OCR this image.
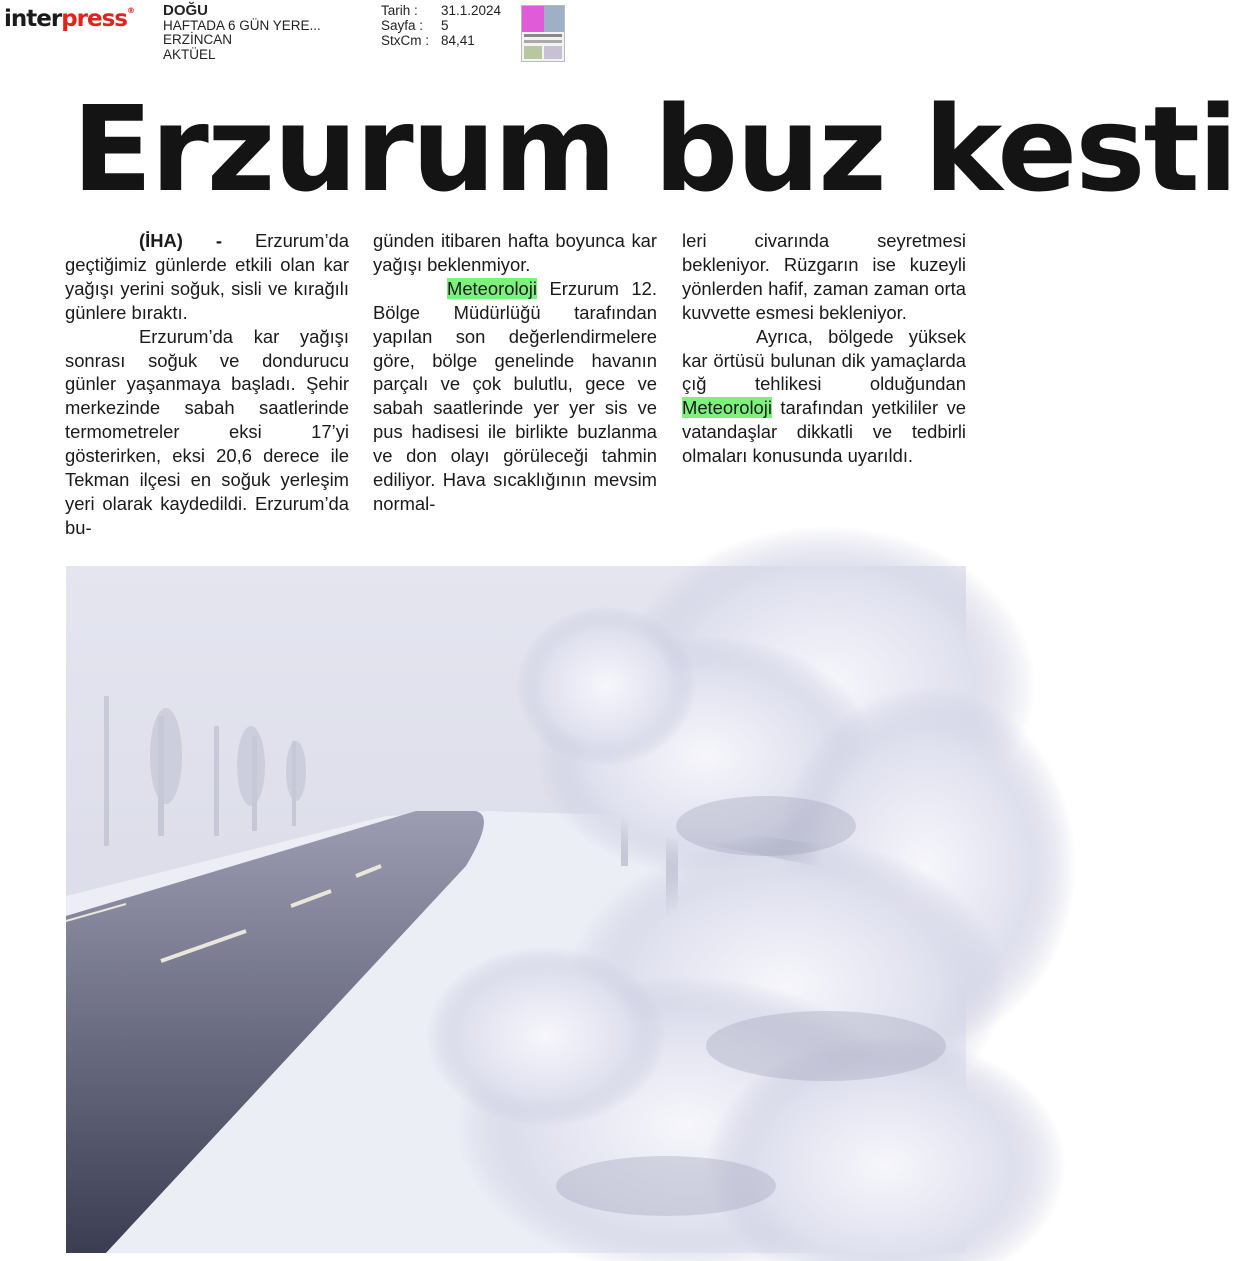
interpress® DOĞU
HAFTADA 6 GÜN YERE...
ERZİNCAN
AKTÜEL
Tarih :	31.1.2024
Sayfa :	5
StxCm : 84,41
Erzurum buz kesti

(İHA) - Erzurum’da geçtiğimiz günlerde etkili olan kar yağışı yerini soğuk, sisli ve kırağılı günlere bıraktı.

Erzurum’da kar yağışı sonrası soğuk ve dondurucu günler yaşanmaya başladı. Şehir merkezinde sabah saatlerinde termometreler eksi 17’yi gösterirken, eksi 20,6 derece ile Tekman ilçesi en soğuk yerleşim yeri olarak kaydedildi. Erzurum’da bu-

günden itibaren hafta boyunca kar yağışı beklenmiyor.

Meteoroloji Erzurum 12. Bölge Müdürlüğü tarafından yapılan son değerlendirmelere göre, bölge genelinde havanın parçalı ve çok bulutlu, gece ve sabah saatlerinde yer yer sis ve pus hadisesi ile birlikte buzlanma ve don olayı görüleceği tahmin ediliyor. Hava sıcaklığının mevsim normal-

leri civarında seyretmesi bekleniyor. Rüzgarın ise kuzeyli yönlerden hafif, zaman zaman orta kuvvette esmesi bekleniyor.

Ayrıca, bölgede yüksek kar örtüsü bulunan dik yamaçlarda çığ tehlikesi olduğundan Meteoroloji tarafından yetkililer ve vatandaşlar dikkatli ve tedbirli olmaları konusunda uyarıldı.
